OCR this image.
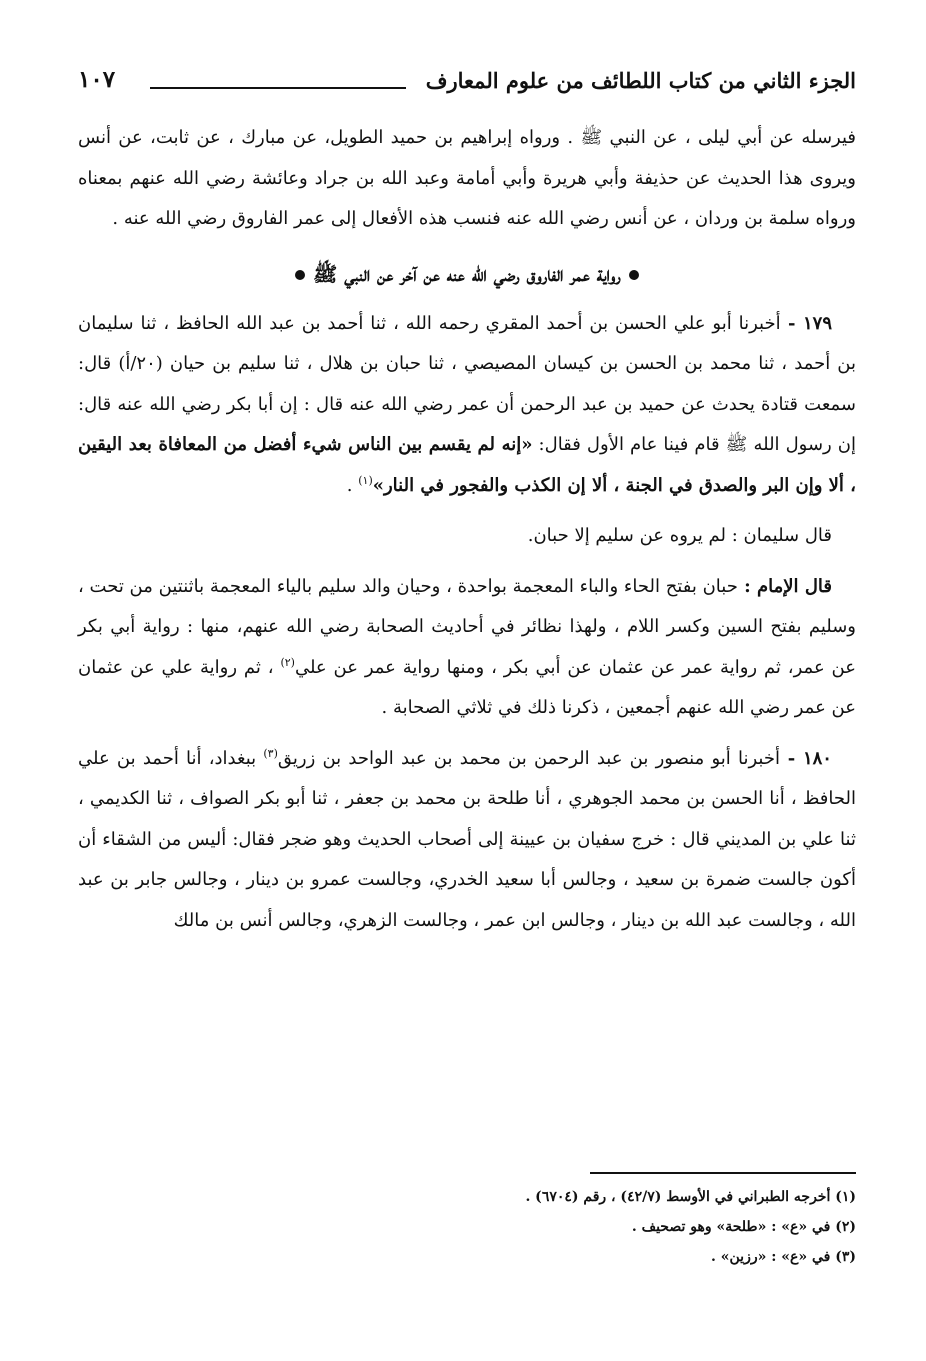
الجزء الثاني من كتاب اللطائف من علوم المعارف
١٠٧

فيرسله عن أبي ليلى ، عن النبي ﷺ . ورواه إبراهيم بن حميد الطويل، عن مبارك ، عن ثابت، عن أنس ويروى هذا الحديث عن حذيفة وأبي هريرة وأبي أمامة وعبد الله بن جراد وعائشة رضي الله عنهم بمعناه ورواه سلمة بن وردان ، عن أنس رضي الله عنه فنسب هذه الأفعال إلى عمر الفاروق رضي الله عنه .

رواية عمر الفاروق رضي الله عنه عن آخر عن النبي ﷺ

١٧٩ - أخبرنا أبو علي الحسن بن أحمد المقري رحمه الله ، ثنا أحمد بن عبد الله الحافظ ، ثنا سليمان بن أحمد ، ثنا محمد بن الحسن بن كيسان المصيصي ، ثنا حبان بن هلال ، ثنا سليم بن حيان (٢٠/أ) قال: سمعت قتادة يحدث عن حميد بن عبد الرحمن أن عمر رضي الله عنه قال : إن أبا بكر رضي الله عنه قال: إن رسول الله ﷺ قام فينا عام الأول فقال: «إنه لم يقسم بين الناس شيء أفضل من المعافاة بعد اليقين ، ألا وإن البر والصدق في الجنة ، ألا إن الكذب والفجور في النار»$^{(١)}$ .

قال سليمان : لم يروه عن سليم إلا حبان.

قال الإمام : حبان بفتح الحاء والباء المعجمة بواحدة ، وحيان والد سليم بالياء المعجمة باثنتين من تحت ، وسليم بفتح السين وكسر اللام ، ولهذا نظائر في أحاديث الصحابة رضي الله عنهم، منها : رواية أبي بكر عن عمر، ثم رواية عمر عن عثمان عن أبي بكر ، ومنها رواية عمر عن علي$^{(٢)}$ ، ثم رواية علي عن عثمان عن عمر رضي الله عنهم أجمعين ، ذكرنا ذلك في ثلاثي الصحابة .

١٨٠ - أخبرنا أبو منصور بن عبد الرحمن بن محمد بن عبد الواحد بن زريق$^{(٣)}$ ببغداد، أنا أحمد بن علي الحافظ ، أنا الحسن بن محمد الجوهري ، أنا طلحة بن محمد بن جعفر ، ثنا أبو بكر الصواف ، ثنا الكديمي ، ثنا علي بن المديني قال : خرج سفيان بن عيينة إلى أصحاب الحديث وهو ضجر فقال: أليس من الشقاء أن أكون جالست ضمرة بن سعيد ، وجالس أبا سعيد الخدري، وجالست عمرو بن دينار ، وجالس جابر بن عبد الله ، وجالست عبد الله بن دينار ، وجالس ابن عمر ، وجالست الزهري، وجالس أنس بن مالك

(١) أخرجه الطبراني في الأوسط (٤٢/٧) ، رقم (٦٧٠٤) .
(٢) في «ع» : «طلحة» وهو تصحيف .
(٣) في «ع» : «رزين» .
